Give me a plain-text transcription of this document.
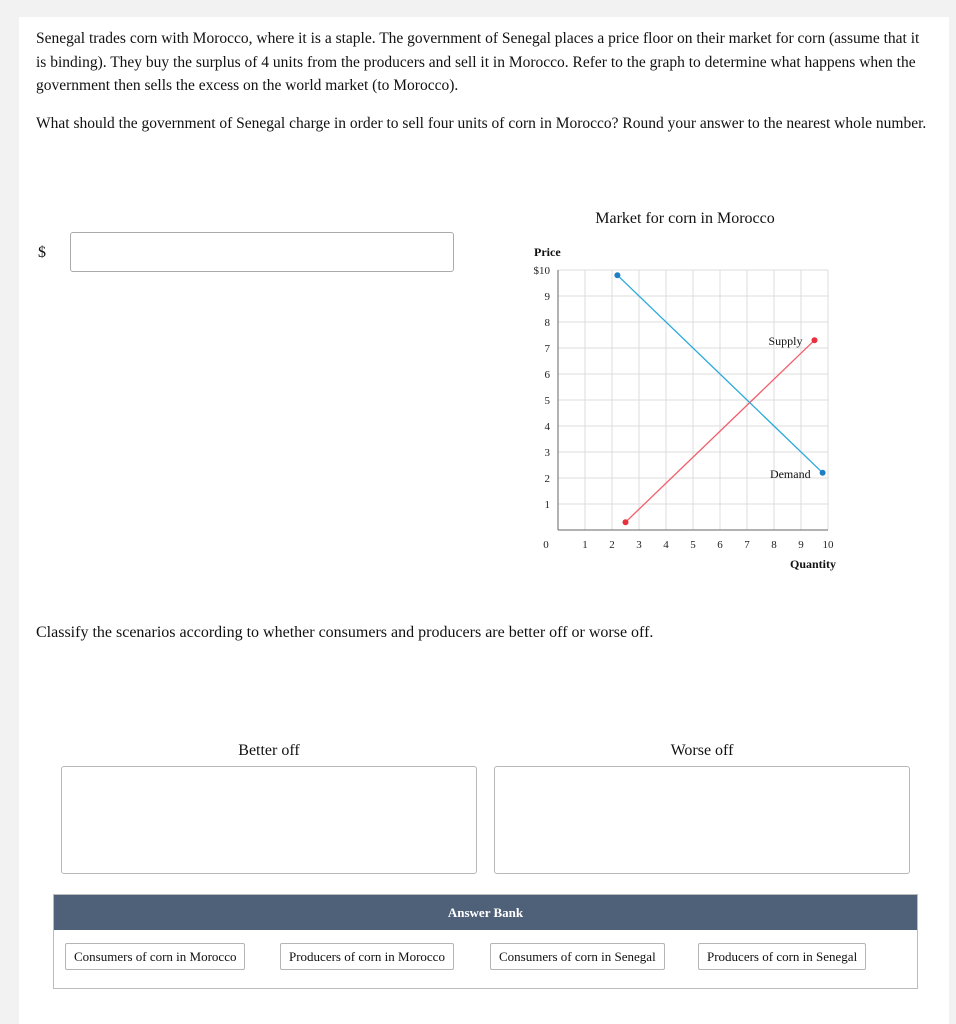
Senegal trades corn with Morocco, where it is a staple. The government of Senegal places a price floor on their market for corn (assume that it is binding). They buy the surplus of 4 units from the producers and sell it in Morocco. Refer to the graph to determine what happens when the government then sells the excess on the world market (to Morocco).
What should the government of Senegal charge in order to sell four units of corn in Morocco? Round your answer to the nearest whole number.
$
Market for corn in Morocco
$10
9
8
7
6
5
4
3
2
1
0	1 2 3 4 5 6 7 8 9 10
Price
Quantity
Supply
Demand
Classify the scenarios according to whether consumers and producers are better off or worse off.
Better off	Worse off
Answer Bank
Consumers of corn in Morocco	Producers of corn in Morocco	Consumers of corn in Senegal	Producers of corn in Senegal
